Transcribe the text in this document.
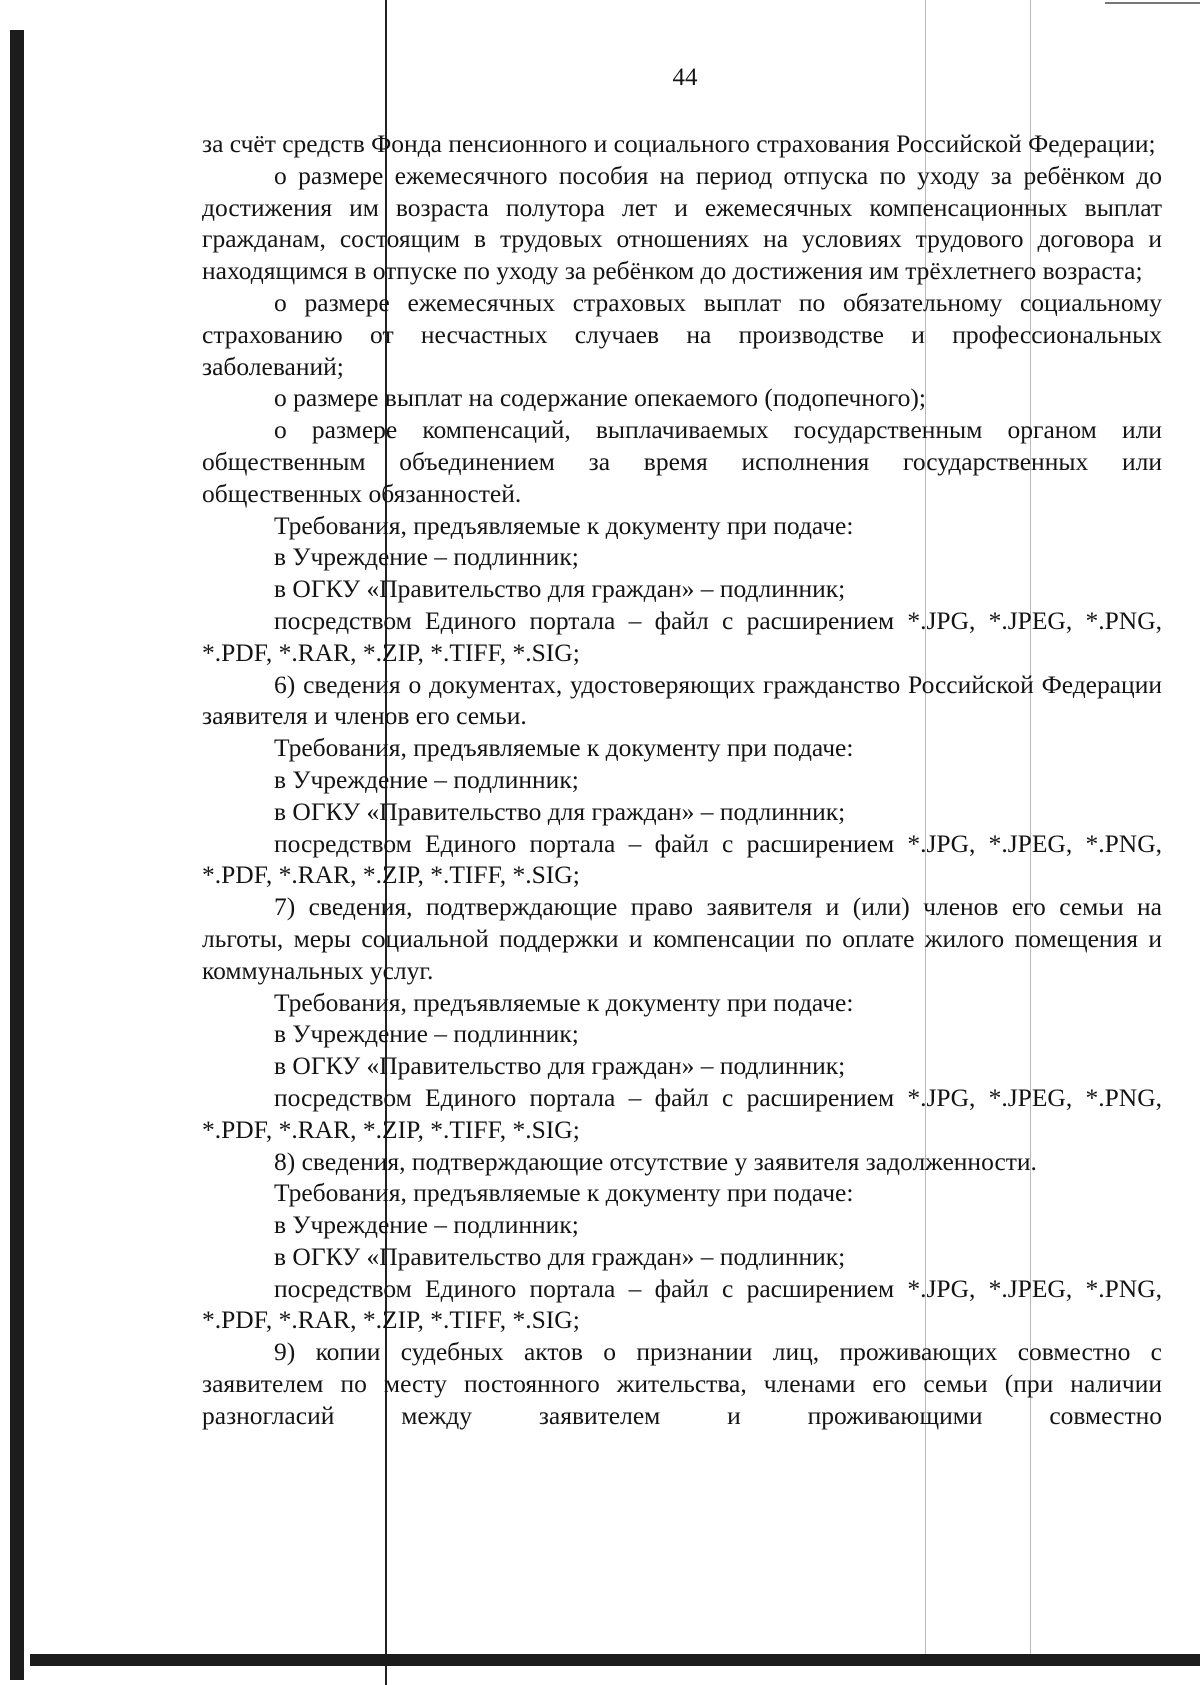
44

за счёт средств Фонда пенсионного и социального страхования Российской Федерации;

о размере ежемесячного пособия на период отпуска по уходу за ребёнком до достижения им возраста полутора лет и ежемесячных компенсационных выплат гражданам, состоящим в трудовых отношениях на условиях трудового договора и находящимся в отпуске по уходу за ребёнком до достижения им трёхлетнего возраста;

о размере ежемесячных страховых выплат по обязательному социальному страхованию от несчастных случаев на производстве и профессиональных заболеваний;

о размере выплат на содержание опекаемого (подопечного);

о размере компенсаций, выплачиваемых государственным органом или общественным объединением за время исполнения государственных или общественных обязанностей.

Требования, предъявляемые к документу при подаче:

в Учреждение – подлинник;

в ОГКУ «Правительство для граждан» – подлинник;

посредством Единого портала – файл с расширением *.JPG, *.JPEG, *.PNG, *.PDF, *.RAR, *.ZIP, *.TIFF, *.SIG;

6) сведения о документах, удостоверяющих гражданство Российской Федерации заявителя и членов его семьи.

Требования, предъявляемые к документу при подаче:

в Учреждение – подлинник;

в ОГКУ «Правительство для граждан» – подлинник;

посредством Единого портала – файл с расширением *.JPG, *.JPEG, *.PNG, *.PDF, *.RAR, *.ZIP, *.TIFF, *.SIG;

7) сведения, подтверждающие право заявителя и (или) членов его семьи на льготы, меры социальной поддержки и компенсации по оплате жилого помещения и коммунальных услуг.

Требования, предъявляемые к документу при подаче:

в Учреждение – подлинник;

в ОГКУ «Правительство для граждан» – подлинник;

посредством Единого портала – файл с расширением *.JPG, *.JPEG, *.PNG, *.PDF, *.RAR, *.ZIP, *.TIFF, *.SIG;

8) сведения, подтверждающие отсутствие у заявителя задолженности.

Требования, предъявляемые к документу при подаче:

в Учреждение – подлинник;

в ОГКУ «Правительство для граждан» – подлинник;

посредством Единого портала – файл с расширением *.JPG, *.JPEG, *.PNG, *.PDF, *.RAR, *.ZIP, *.TIFF, *.SIG;

9) копии судебных актов о признании лиц, проживающих совместно с заявителем по месту постоянного жительства, членами его семьи (при наличии разногласий между заявителем и проживающими совместно
